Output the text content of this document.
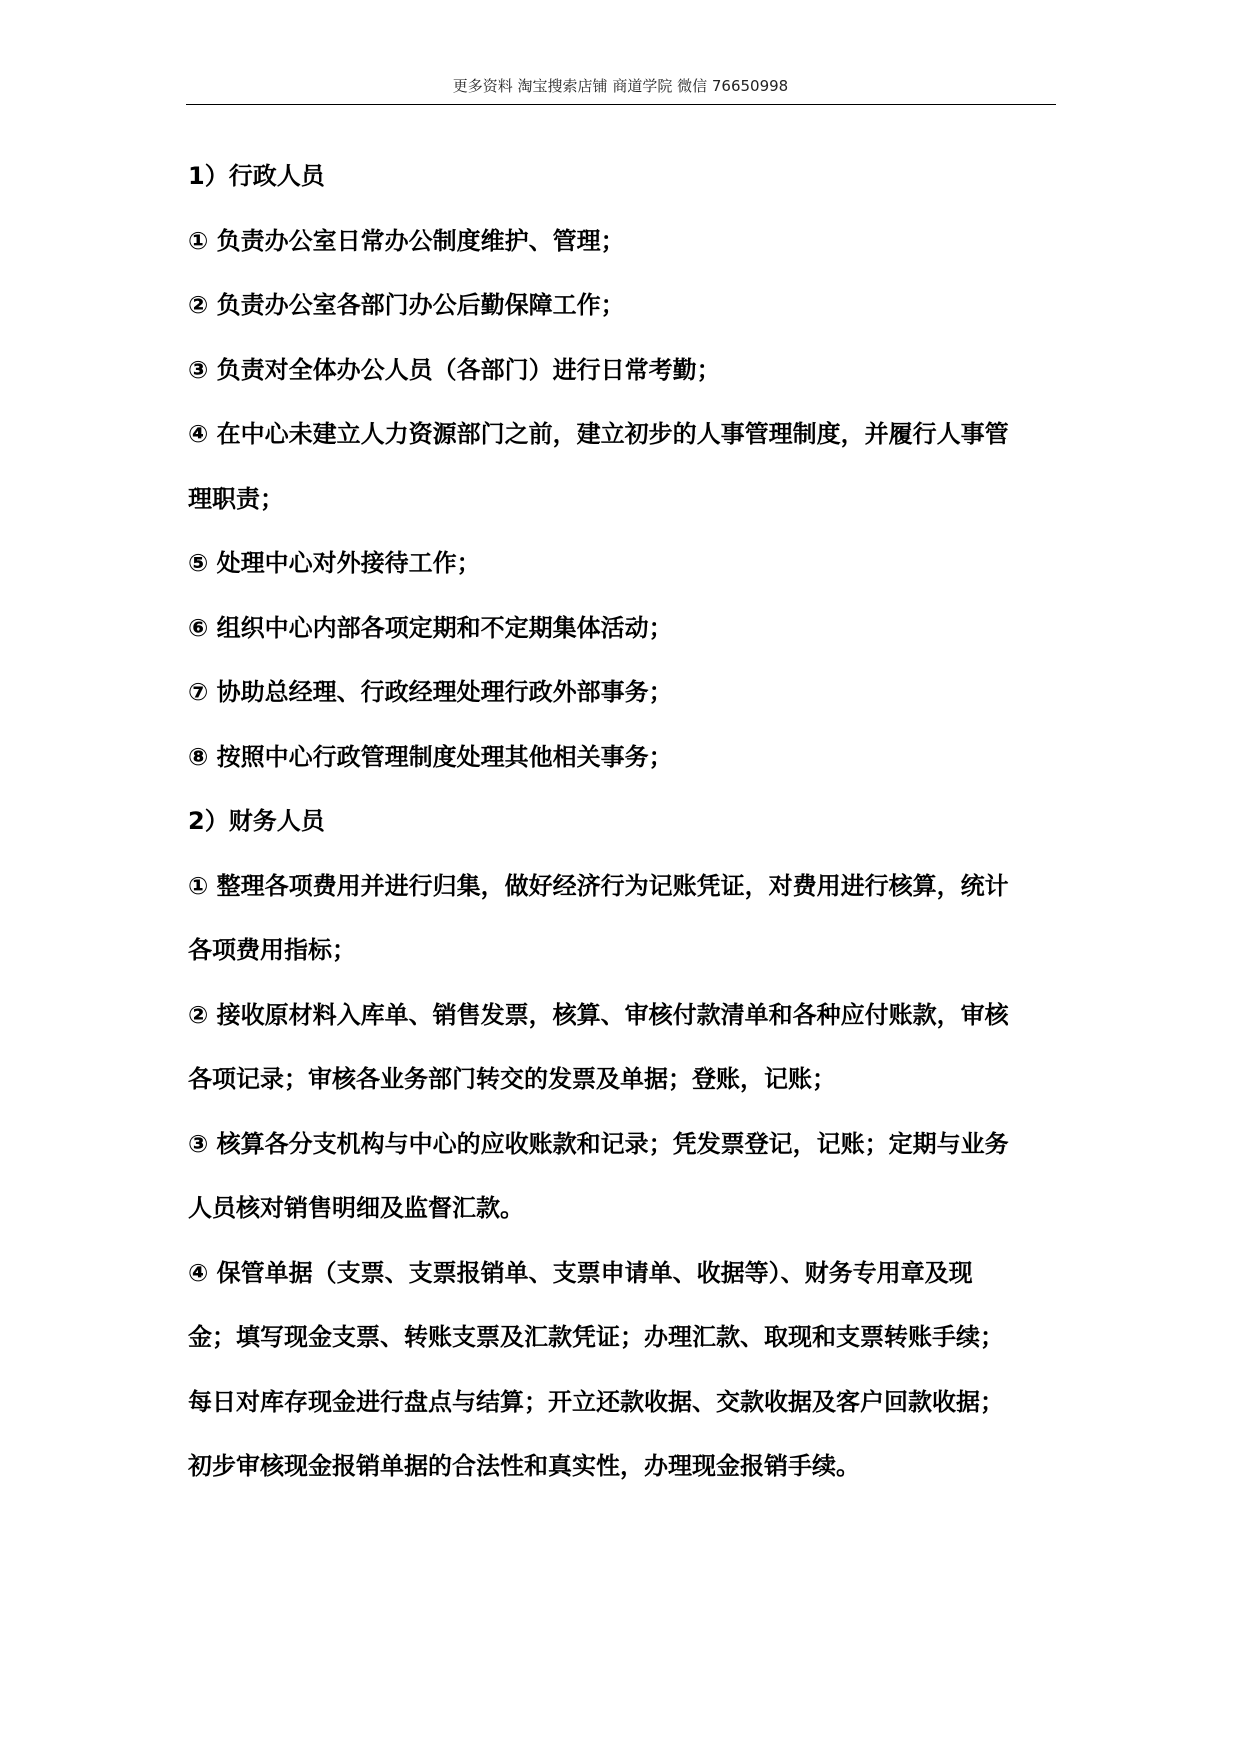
更多资料 淘宝搜索店铺 商道学院 微信 76650998
1）行政人员
① 负责办公室日常办公制度维护、管理；
② 负责办公室各部门办公后勤保障工作；
③ 负责对全体办公人员（各部门）进行日常考勤；
④ 在中心未建立人力资源部门之前，建立初步的人事管理制度，并履行人事管
理职责；
⑤ 处理中心对外接待工作；
⑥ 组织中心内部各项定期和不定期集体活动；
⑦ 协助总经理、行政经理处理行政外部事务；
⑧ 按照中心行政管理制度处理其他相关事务；
2）财务人员
① 整理各项费用并进行归集，做好经济行为记账凭证，对费用进行核算，统计
各项费用指标；
② 接收原材料入库单、销售发票，核算、审核付款清单和各种应付账款，审核
各项记录；审核各业务部门转交的发票及单据；登账，记账；
③ 核算各分支机构与中心的应收账款和记录；凭发票登记，记账；定期与业务
人员核对销售明细及监督汇款。
④ 保管单据（支票、支票报销单、支票申请单、收据等）、财务专用章及现
金；填写现金支票、转账支票及汇款凭证；办理汇款、取现和支票转账手续；
每日对库存现金进行盘点与结算；开立还款收据、交款收据及客户回款收据；
初步审核现金报销单据的合法性和真实性，办理现金报销手续。
